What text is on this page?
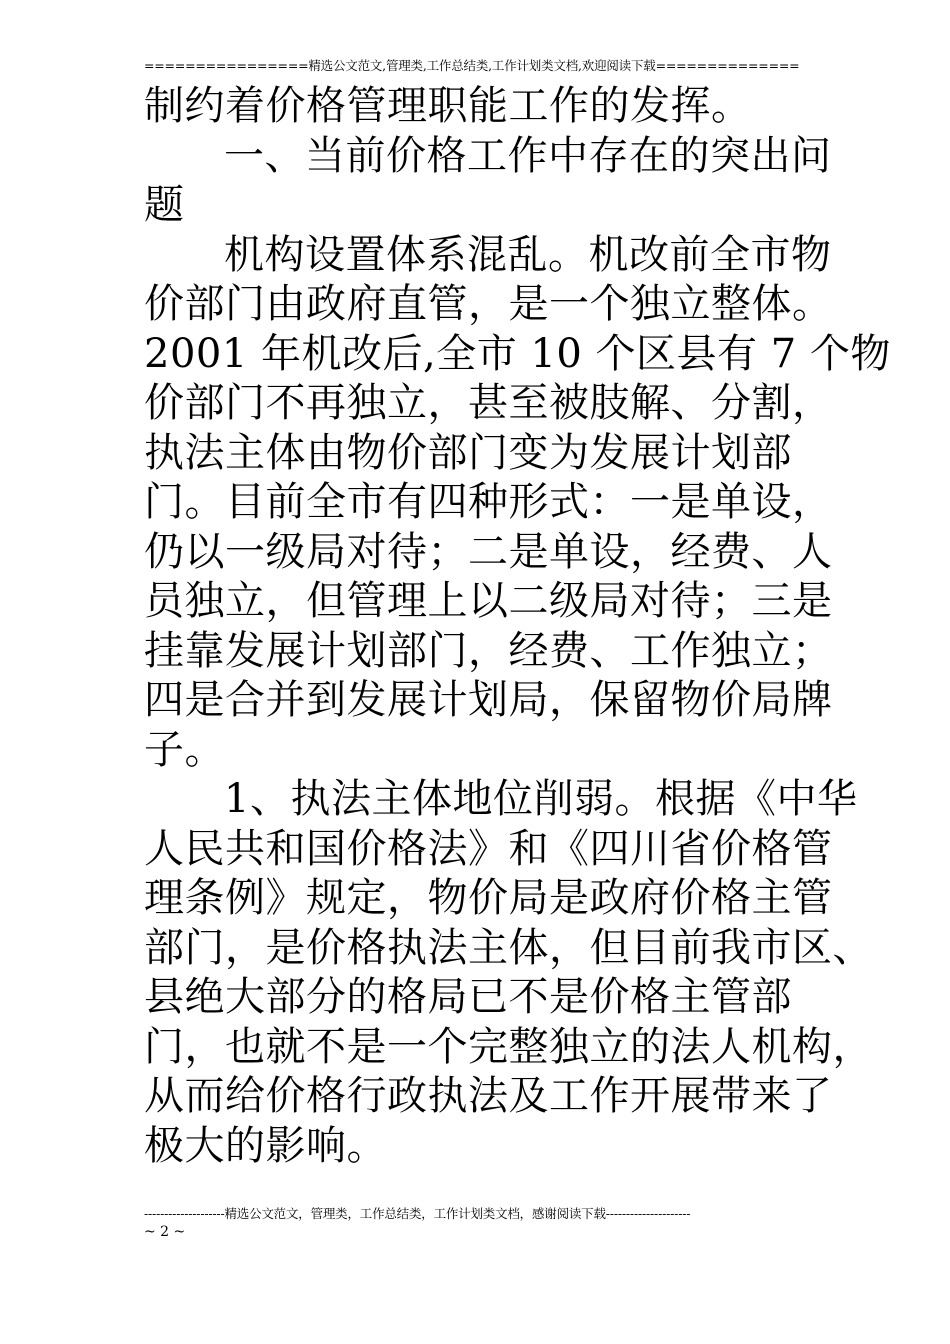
================精选公文范文,管理类,工作总结类,工作计划类文档,欢迎阅读下载==============
制约着价格管理职能工作的发挥。
一、当前价格工作中存在的突出问
题
机构设置体系混乱。机改前全市物
价部门由政府直管，是一个独立整体。
2001 年机改后,全市 10 个区县有 7 个物
价部门不再独立，甚至被肢解、分割，
执法主体由物价部门变为发展计划部
门。目前全市有四种形式：一是单设，
仍以一级局对待；二是单设，经费、人
员独立，但管理上以二级局对待；三是
挂靠发展计划部门，经费、工作独立；
四是合并到发展计划局，保留物价局牌
子。
1、执法主体地位削弱。根据《中华
人民共和国价格法》和《四川省价格管
理条例》规定，物价局是政府价格主管
部门，是价格执法主体，但目前我市区、
县绝大部分的格局已不是价格主管部
门，也就不是一个完整独立的法人机构，
从而给价格行政执法及工作开展带来了
极大的影响。
--------------------精选公文范文，管理类，工作总结类，工作计划类文档，感谢阅读下载---------------------
~ 2 ~
